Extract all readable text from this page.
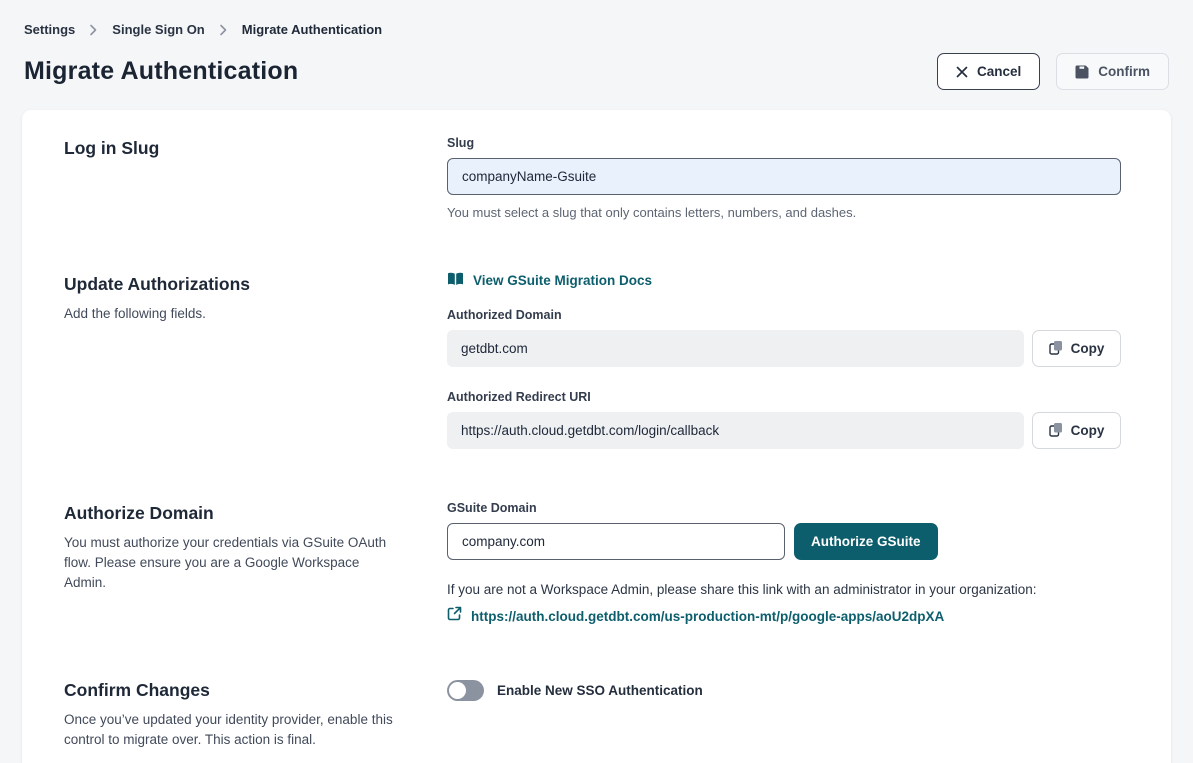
Settings	Single Sign On	Migrate Authentication
Migrate Authentication	Cancel	Confirm
Log in Slug	Slug
companyName-Gsuite
You must select a slug that only contains letters, numbers, and dashes.
Update Authorizations

Add the following fields.

View GSuite Migration Docs
Authorized Domain
getdbt.com	Copy
Authorized Redirect URI
https://auth.cloud.getdbt.com/login/callback	Copy
Authorize Domain

You must authorize your credentials via GSuite OAuth flow. Please ensure you are a Google Workspace Admin.

GSuite Domain
company.com
Authorize GSuite
If you are not a Workspace Admin, please share this link with an administrator in your organization:
https://auth.cloud.getdbt.com/us-production-mt/p/google-apps/aoU2dpXA
Confirm Changes

Once you’ve updated your identity provider, enable this control to migrate over. This action is final.

Enable New SSO Authentication
